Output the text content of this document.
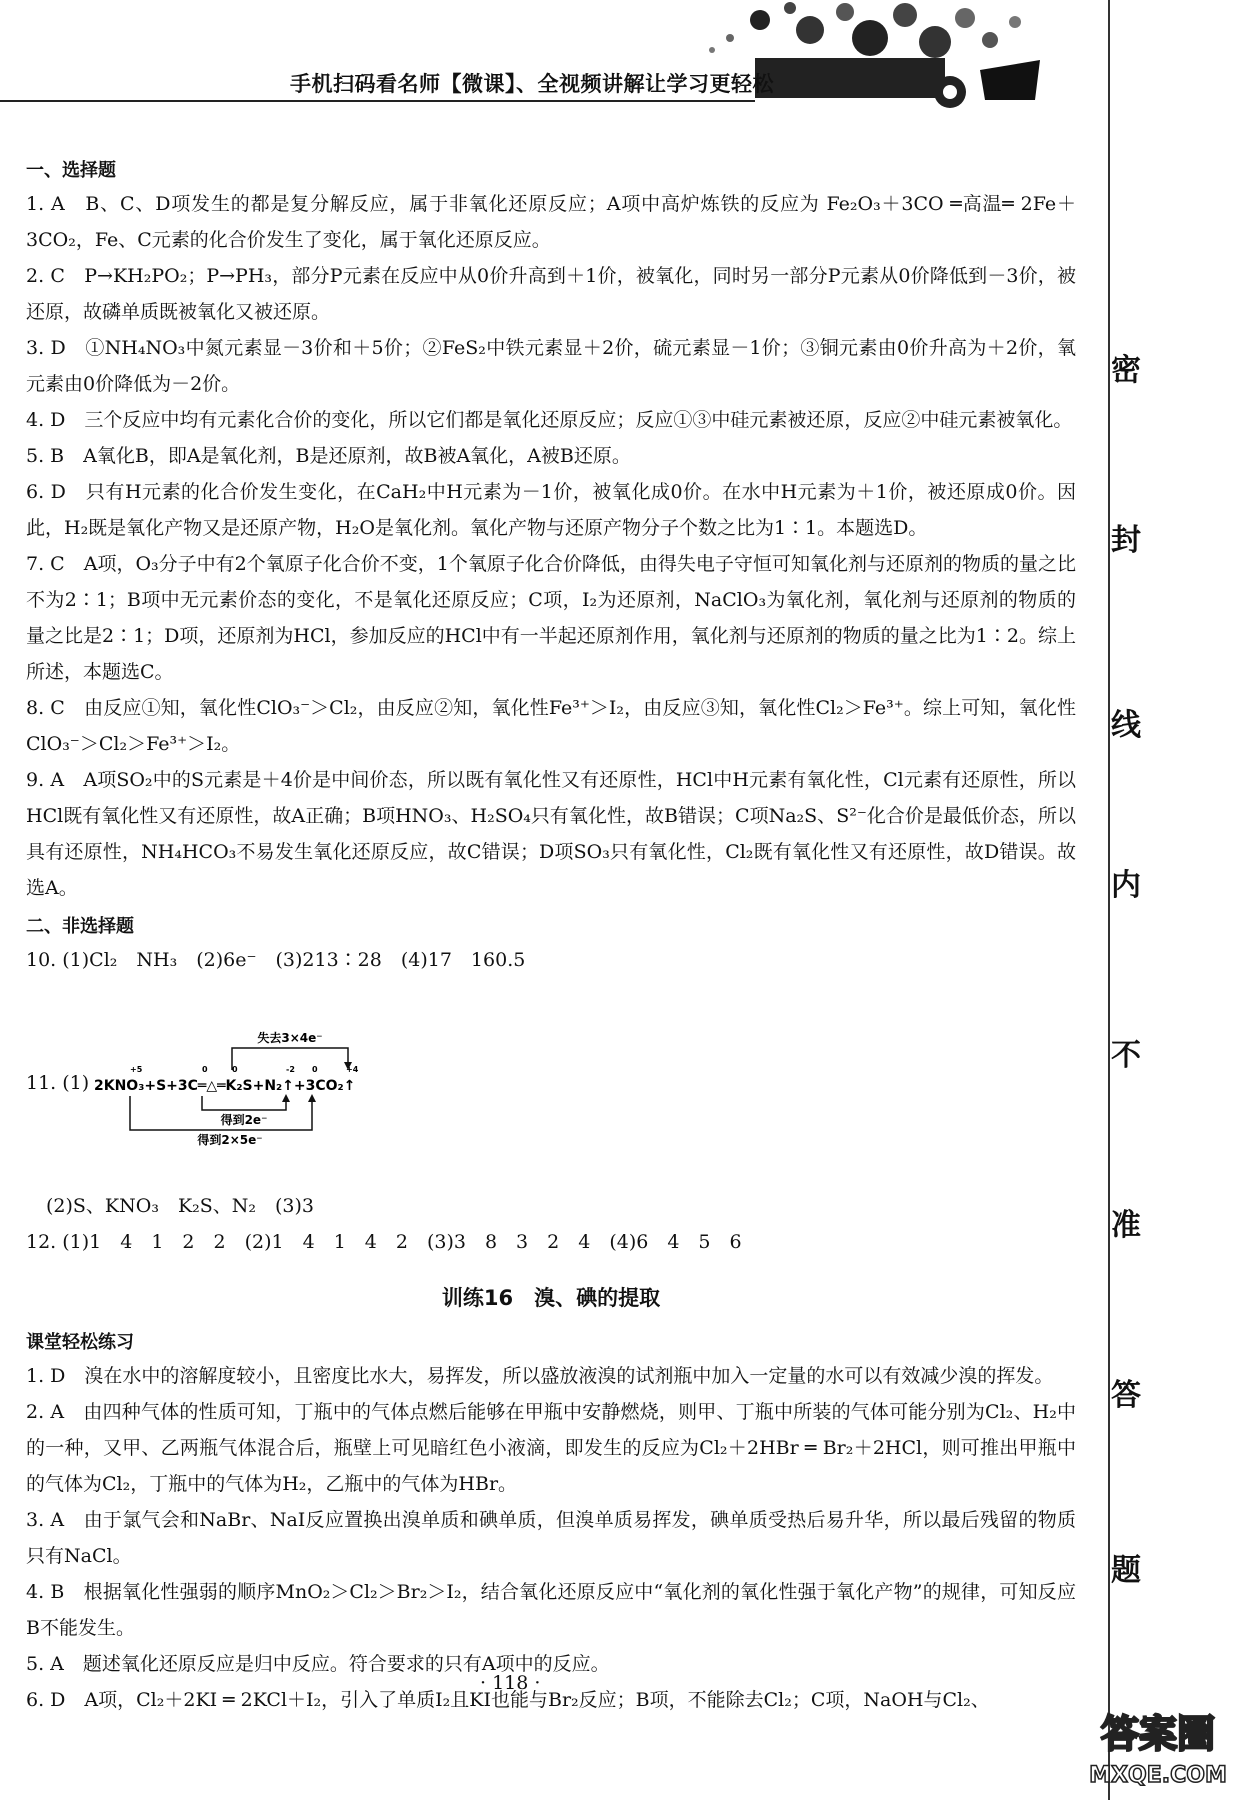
手机扫码看名师【微课】、全视频讲解让学习更轻松
密
封
线
内
不
准
答
题
一、选择题
1. A　B、C、D项发生的都是复分解反应，属于非氧化还原反应；A项中高炉炼铁的反应为 Fe₂O₃＋3CO ═高温═ 2Fe＋3CO₂，Fe、C元素的化合价发生了变化，属于氧化还原反应。
2. C　P→KH₂PO₂；P→PH₃，部分P元素在反应中从0价升高到＋1价，被氧化，同时另一部分P元素从0价降低到－3价，被还原，故磷单质既被氧化又被还原。
3. D　①NH₄NO₃中氮元素显－3价和＋5价；②FeS₂中铁元素显＋2价，硫元素显－1价；③铜元素由0价升高为＋2价，氧元素由0价降低为－2价。
4. D　三个反应中均有元素化合价的变化，所以它们都是氧化还原反应；反应①③中硅元素被还原，反应②中硅元素被氧化。
5. B　A氧化B，即A是氧化剂，B是还原剂，故B被A氧化，A被B还原。
6. D　只有H元素的化合价发生变化，在CaH₂中H元素为－1价，被氧化成0价。在水中H元素为＋1价，被还原成0价。因此，H₂既是氧化产物又是还原产物，H₂O是氧化剂。氧化产物与还原产物分子个数之比为1∶1。本题选D。
7. C　A项，O₃分子中有2个氧原子化合价不变，1个氧原子化合价降低，由得失电子守恒可知氧化剂与还原剂的物质的量之比不为2∶1；B项中无元素价态的变化，不是氧化还原反应；C项，I₂为还原剂，NaClO₃为氧化剂，氧化剂与还原剂的物质的量之比是2∶1；D项，还原剂为HCl，参加反应的HCl中有一半起还原剂作用，氧化剂与还原剂的物质的量之比为1∶2。综上所述，本题选C。
8. C　由反应①知，氧化性ClO₃⁻＞Cl₂，由反应②知，氧化性Fe³⁺＞I₂，由反应③知，氧化性Cl₂＞Fe³⁺。综上可知，氧化性ClO₃⁻＞Cl₂＞Fe³⁺＞I₂。
9. A　A项SO₂中的S元素是＋4价是中间价态，所以既有氧化性又有还原性，HCl中H元素有氧化性，Cl元素有还原性，所以HCl既有氧化性又有还原性，故A正确；B项HNO₃、H₂SO₄只有氧化性，故B错误；C项Na₂S、S²⁻化合价是最低价态，所以具有还原性，NH₄HCO₃不易发生氧化还原反应，故C错误；D项SO₃只有氧化性，Cl₂既有氧化性又有还原性，故D错误。故选A。
二、非选择题
10. (1)Cl₂　NH₃　(2)6e⁻　(3)213∶28　(4)17　160.5
11. (1)
失去3×4e⁻
+5	0	0	-2 0	+4
2KNO₃+S+3C═△═K₂S+N₂↑+3CO₂↑
得到2e⁻
得到2×5e⁻
(2)S、KNO₃　K₂S、N₂　(3)3
12. (1)1　4　1　2　2　(2)1　4　1　4　2　(3)3　8　3　2　4　(4)6　4　5　6
训练16　溴、碘的提取
课堂轻松练习
1. D　溴在水中的溶解度较小，且密度比水大，易挥发，所以盛放液溴的试剂瓶中加入一定量的水可以有效减少溴的挥发。
2. A　由四种气体的性质可知，丁瓶中的气体点燃后能够在甲瓶中安静燃烧，则甲、丁瓶中所装的气体可能分别为Cl₂、H₂中的一种，又甲、乙两瓶气体混合后，瓶壁上可见暗红色小液滴，即发生的反应为Cl₂＋2HBr ═ Br₂＋2HCl，则可推出甲瓶中的气体为Cl₂，丁瓶中的气体为H₂，乙瓶中的气体为HBr。
3. A　由于氯气会和NaBr、NaI反应置换出溴单质和碘单质，但溴单质易挥发，碘单质受热后易升华，所以最后残留的物质只有NaCl。
4. B　根据氧化性强弱的顺序MnO₂＞Cl₂＞Br₂＞I₂，结合氧化还原反应中“氧化剂的氧化性强于氧化产物”的规律，可知反应B不能发生。
5. A　题述氧化还原反应是归中反应。符合要求的只有A项中的反应。
6. D　A项，Cl₂＋2KI ═ 2KCl＋I₂，引入了单质I₂且KI也能与Br₂反应；B项，不能除去Cl₂；C项，NaOH与Cl₂、
· 118 ·
答案圈
MXQE.COM
